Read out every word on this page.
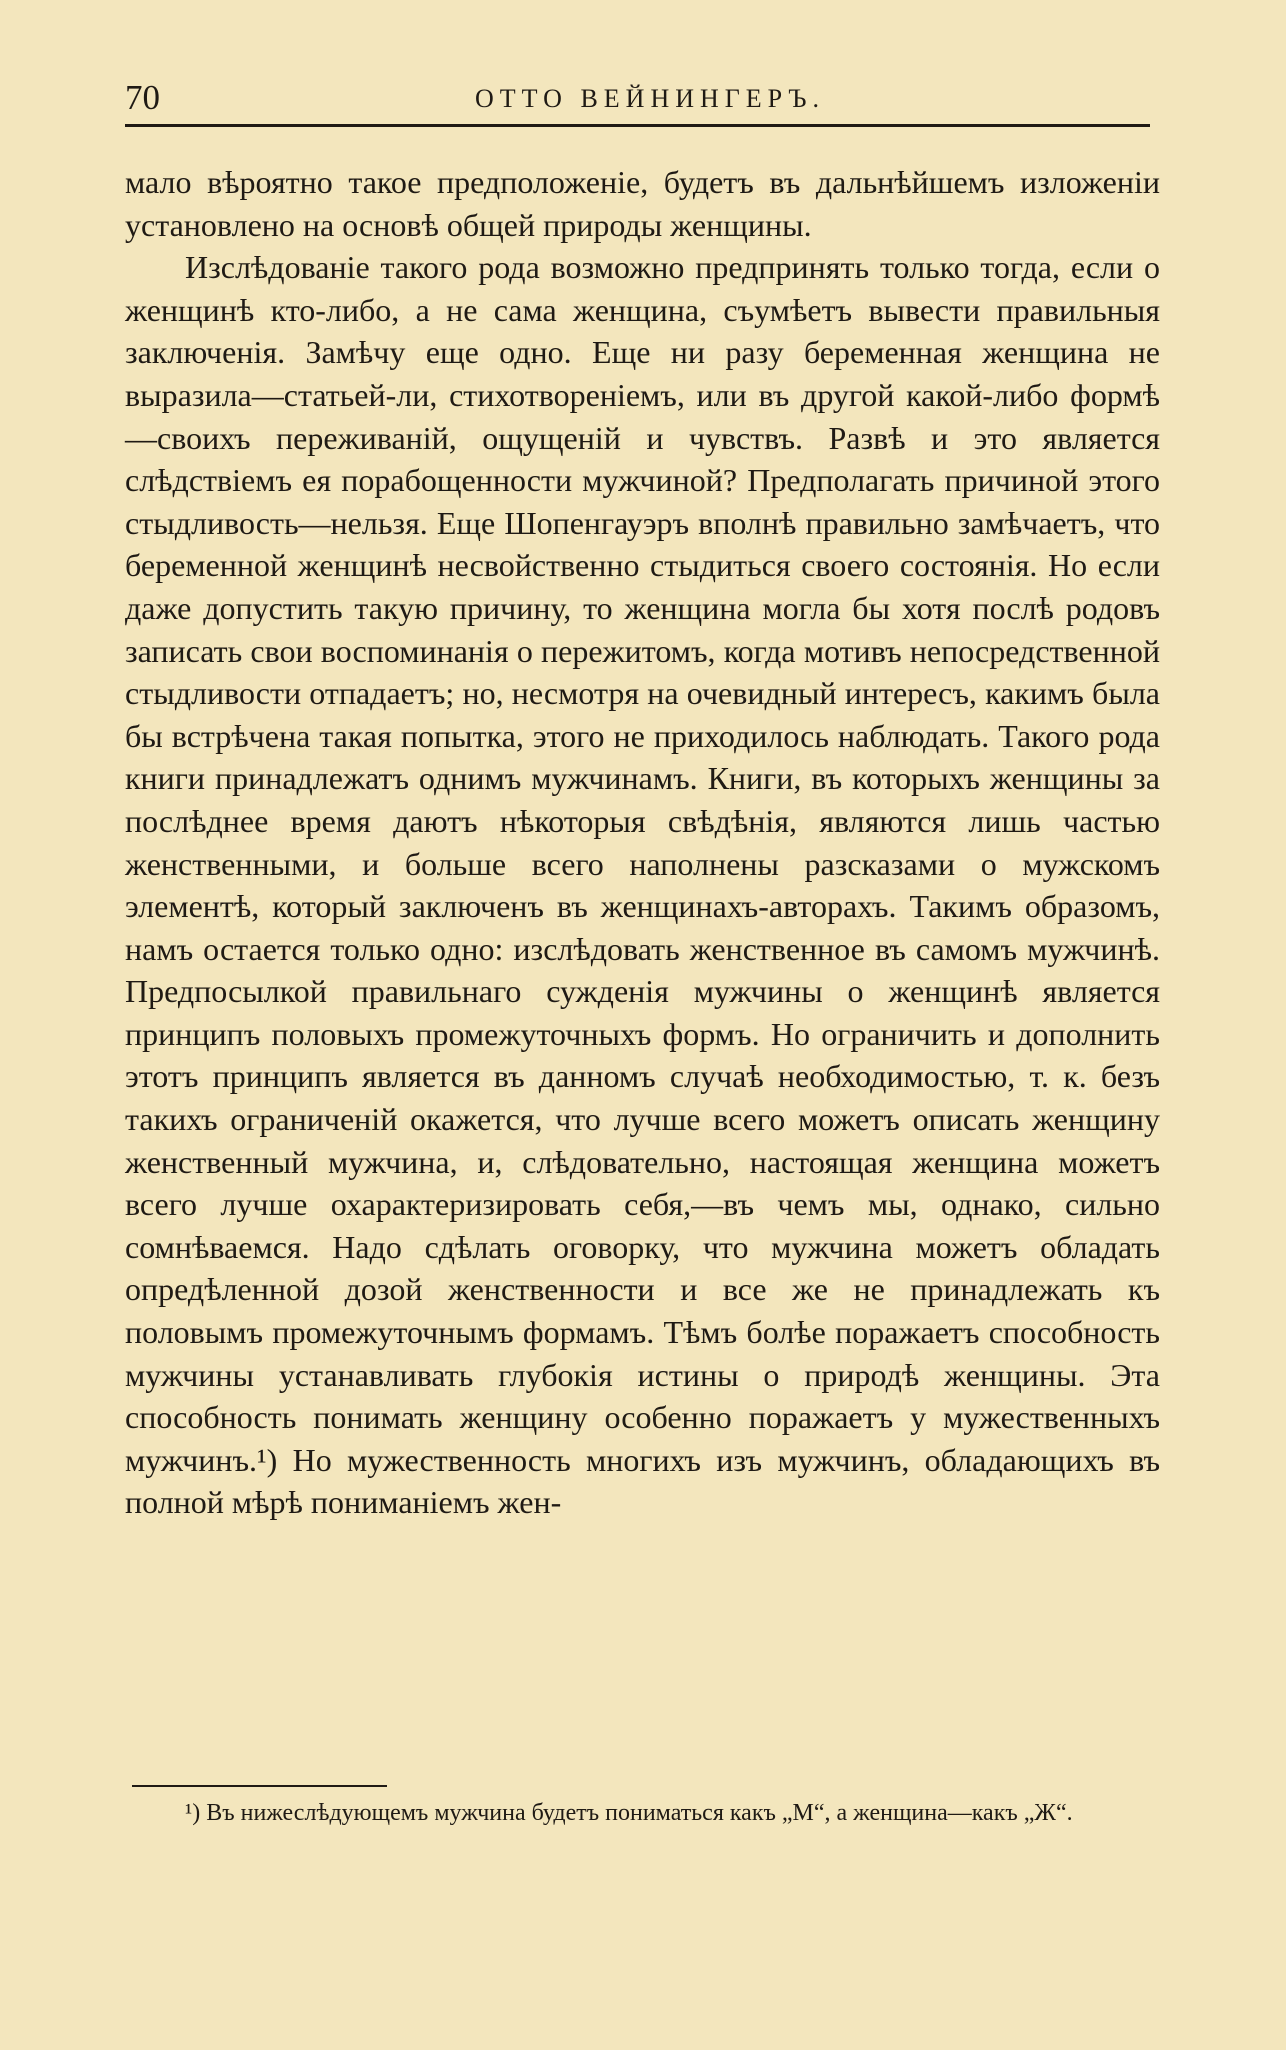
70	ОТТО ВЕЙНИНГЕРЪ.

мало вѣроятно такое предположеніе, будетъ въ дальнѣйшемъ изложеніи установлено на основѣ общей природы женщины.

Изслѣдованіе такого рода возможно предпринять только тогда, если о женщинѣ кто-либо, а не сама женщина, съумѣетъ вывести правильныя заключенія. Замѣчу еще одно. Еще ни разу беременная женщина не выразила—статьей-ли, стихотвореніемъ, или въ другой какой-либо формѣ—своихъ переживаній, ощущеній и чувствъ. Развѣ и это является слѣдствіемъ ея порабощенности мужчиной? Предполагать причиной этого стыдливость—нельзя. Еще Шопенгауэръ вполнѣ правильно замѣчаетъ, что беременной женщинѣ несвойственно стыдиться своего состоянія. Но если даже допустить такую причину, то женщина могла бы хотя послѣ родовъ записать свои воспоминанія о пережитомъ, когда мотивъ непосредственной стыдливости отпадаетъ; но, несмотря на очевидный интересъ, какимъ была бы встрѣчена такая попытка, этого не приходилось наблюдать. Такого рода книги принадлежатъ однимъ мужчинамъ. Книги, въ которыхъ женщины за послѣднее время даютъ нѣкоторыя свѣдѣнія, являются лишь частью женственными, и больше всего наполнены разсказами о мужскомъ элементѣ, который заключенъ въ женщинахъ-авторахъ. Такимъ образомъ, намъ остается только одно: изслѣдовать женственное въ самомъ мужчинѣ. Предпосылкой правильнаго сужденія мужчины о женщинѣ является принципъ половыхъ промежуточныхъ формъ. Но ограничить и дополнить этотъ принципъ является въ данномъ случаѣ необходимостью, т. к. безъ такихъ ограниченій окажется, что лучше всего можетъ описать женщину женственный мужчина, и, слѣдовательно, настоящая женщина можетъ всего лучше охарактеризировать себя,—въ чемъ мы, однако, сильно сомнѣваемся. Надо сдѣлать оговорку, что мужчина можетъ обладать опредѣленной дозой женственности и все же не принадлежать къ половымъ промежуточнымъ формамъ. Тѣмъ болѣе поражаетъ способность мужчины устанавливать глубокія истины о природѣ женщины. Эта способность понимать женщину особенно поражаетъ у мужественныхъ мужчинъ.¹) Но мужественность многихъ изъ мужчинъ, обладающихъ въ полной мѣрѣ пониманіемъ жен-

¹) Въ нижеслѣдующемъ мужчина будетъ пониматься какъ „М“, а женщина—какъ „Ж“.
